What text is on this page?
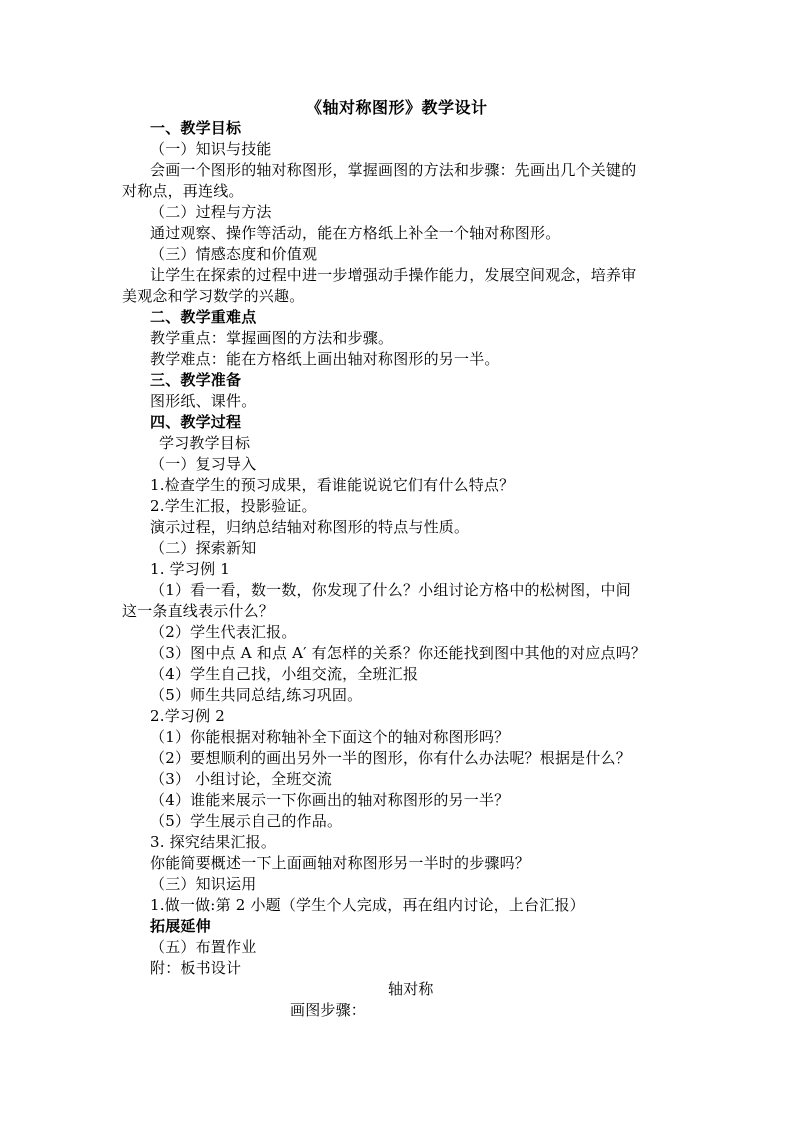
《轴对称图形》教学设计
一、教学目标
（一）知识与技能
会画一个图形的轴对称图形，掌握画图的方法和步骤：先画出几个关键的
对称点，再连线。
（二）过程与方法
通过观察、操作等活动，能在方格纸上补全一个轴对称图形。
（三）情感态度和价值观
让学生在探索的过程中进一步增强动手操作能力，发展空间观念，培养审
美观念和学习数学的兴趣。
二、教学重难点
教学重点：掌握画图的方法和步骤。
教学难点：能在方格纸上画出轴对称图形的另一半。
三、教学准备
图形纸、课件。
四、教学过程
学习教学目标
（一）复习导入
1.检查学生的预习成果，看谁能说说它们有什么特点？
2.学生汇报，投影验证。
演示过程，归纳总结轴对称图形的特点与性质。
（二）探索新知
1. 学习例 1
（1）看一看，数一数，你发现了什么？小组讨论方格中的松树图，中间
这一条直线表示什么？
（2）学生代表汇报。
（3）图中点 A 和点 A′ 有怎样的关系？你还能找到图中其他的对应点吗？
（4）学生自己找，小组交流，全班汇报
（5）师生共同总结,练习巩固。
2.学习例 2
（1）你能根据对称轴补全下面这个的轴对称图形吗？
（2）要想顺利的画出另外一半的图形，你有什么办法呢？根据是什么？
（3） 小组讨论，全班交流
（4）谁能来展示一下你画出的轴对称图形的另一半？
（5）学生展示自己的作品。
3. 探究结果汇报。
你能简要概述一下上面画轴对称图形另一半时的步骤吗？
（三）知识运用
1.做一做:第 2 小题（学生个人完成，再在组内讨论，上台汇报）
拓展延伸
（五）布置作业
附：板书设计
轴对称
画图步骤：
